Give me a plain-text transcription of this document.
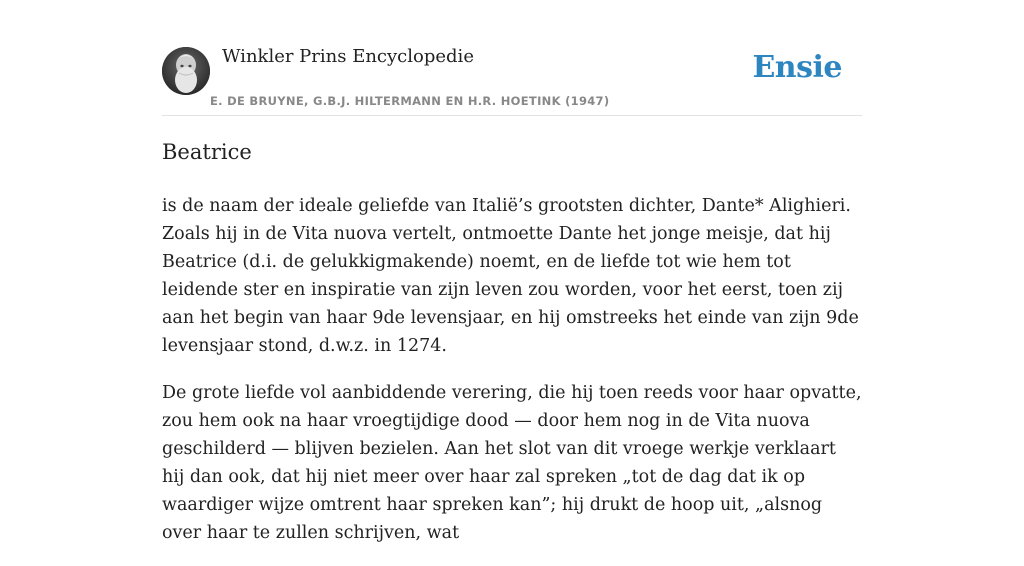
Winkler Prins Encyclopedie
E. DE BRUYNE, G.B.J. HILTERMANN EN H.R. HOETINK (1947)
Ensie
Beatrice

is de naam der ideale geliefde van Italië’s grootsten dichter, Dante* Alighieri. Zoals hij in de Vita nuova vertelt, ontmoette Dante het jonge meisje, dat hij Beatrice (d.i. de gelukkigmakende) noemt, en de liefde tot wie hem tot leidende ster en inspiratie van zijn leven zou worden, voor het eerst, toen zij aan het begin van haar 9de levensjaar, en hij omstreeks het einde van zijn 9de levensjaar stond, d.w.z. in 1274.

De grote liefde vol aanbiddende verering, die hij toen reeds voor haar opvatte, zou hem ook na haar vroegtijdige dood — door hem nog in de Vita nuova geschilderd — blijven bezielen. Aan het slot van dit vroege werkje verklaart hij dan ook, dat hij niet meer over haar zal spreken „tot de dag dat ik op waardiger wijze omtrent haar spreken kan”; hij drukt de hoop uit, „alsnog over haar te zullen schrijven, wat
